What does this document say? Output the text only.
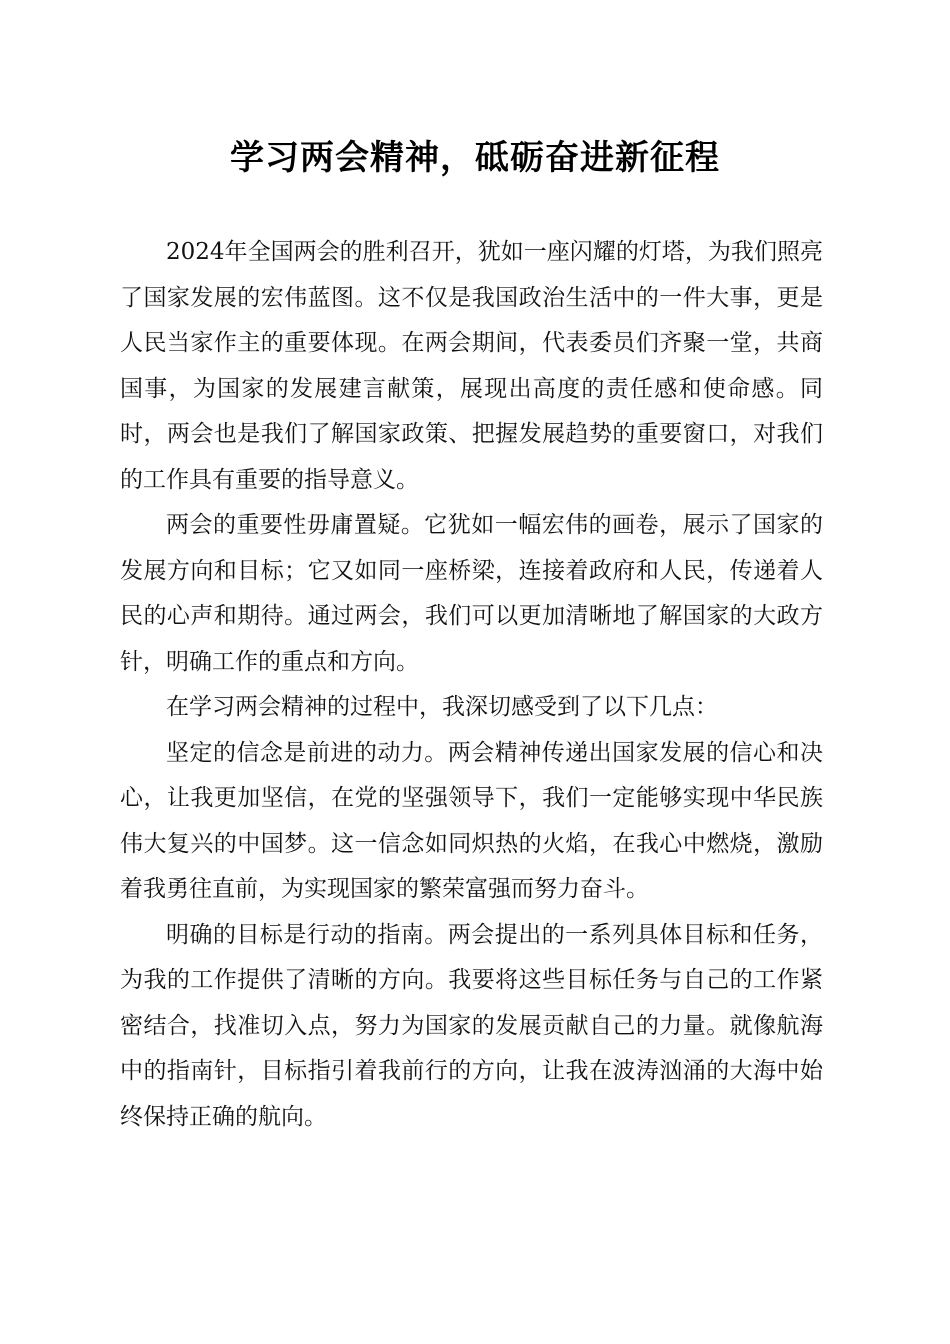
学习两会精神，砥砺奋进新征程

2024年全国两会的胜利召开，犹如一座闪耀的灯塔，为我们照亮了国家发展的宏伟蓝图。这不仅是我国政治生活中的一件大事，更是人民当家作主的重要体现。在两会期间，代表委员们齐聚一堂，共商国事，为国家的发展建言献策，展现出高度的责任感和使命感。同时，两会也是我们了解国家政策、把握发展趋势的重要窗口，对我们的工作具有重要的指导意义。

两会的重要性毋庸置疑。它犹如一幅宏伟的画卷，展示了国家的发展方向和目标；它又如同一座桥梁，连接着政府和人民，传递着人民的心声和期待。通过两会，我们可以更加清晰地了解国家的大政方针，明确工作的重点和方向。

在学习两会精神的过程中，我深切感受到了以下几点：

坚定的信念是前进的动力。两会精神传递出国家发展的信心和决心，让我更加坚信，在党的坚强领导下，我们一定能够实现中华民族伟大复兴的中国梦。这一信念如同炽热的火焰，在我心中燃烧，激励着我勇往直前，为实现国家的繁荣富强而努力奋斗。

明确的目标是行动的指南。两会提出的一系列具体目标和任务，为我的工作提供了清晰的方向。我要将这些目标任务与自己的工作紧密结合，找准切入点，努力为国家的发展贡献自己的力量。就像航海中的指南针，目标指引着我前行的方向，让我在波涛汹涌的大海中始终保持正确的航向。
